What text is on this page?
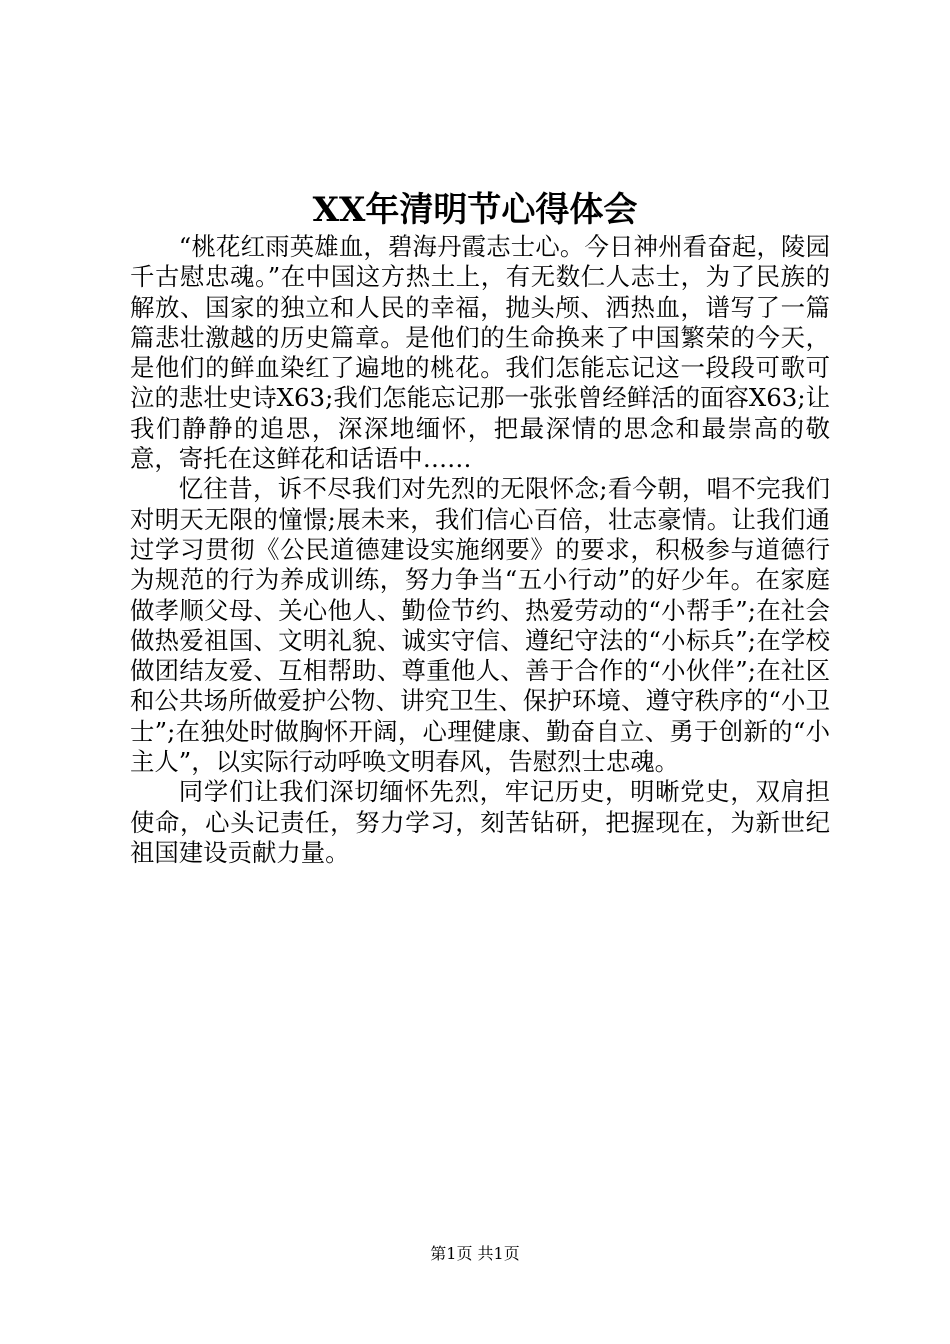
XX年清明节心得体会

“桃花红雨英雄血，碧海丹霞志士心。今日神州看奋起，陵园千古慰忠魂。”在中国这方热土上，有无数仁人志士，为了民族的解放、国家的独立和人民的幸福，抛头颅、洒热血，谱写了一篇篇悲壮激越的历史篇章。是他们的生命换来了中国繁荣的今天，是他们的鲜血染红了遍地的桃花。我们怎能忘记这一段段可歌可泣的悲壮史诗X63;我们怎能忘记那一张张曾经鲜活的面容X63;让我们静静的追思，深深地缅怀，把最深情的思念和最崇高的敬意，寄托在这鲜花和话语中……

忆往昔，诉不尽我们对先烈的无限怀念;看今朝，唱不完我们对明天无限的憧憬;展未来，我们信心百倍，壮志豪情。让我们通过学习贯彻《公民道德建设实施纲要》的要求，积极参与道德行为规范的行为养成训练，努力争当“五小行动”的好少年。在家庭做孝顺父母、关心他人、勤俭节约、热爱劳动的“小帮手”;在社会做热爱祖国、文明礼貌、诚实守信、遵纪守法的“小标兵”;在学校做团结友爱、互相帮助、尊重他人、善于合作的“小伙伴”;在社区和公共场所做爱护公物、讲究卫生、保护环境、遵守秩序的“小卫士”;在独处时做胸怀开阔，心理健康、勤奋自立、勇于创新的“小主人”，以实际行动呼唤文明春风，告慰烈士忠魂。

同学们让我们深切缅怀先烈，牢记历史，明晰党史，双肩担使命，心头记责任，努力学习，刻苦钻研，把握现在，为新世纪祖国建设贡献力量。

第1页 共1页
